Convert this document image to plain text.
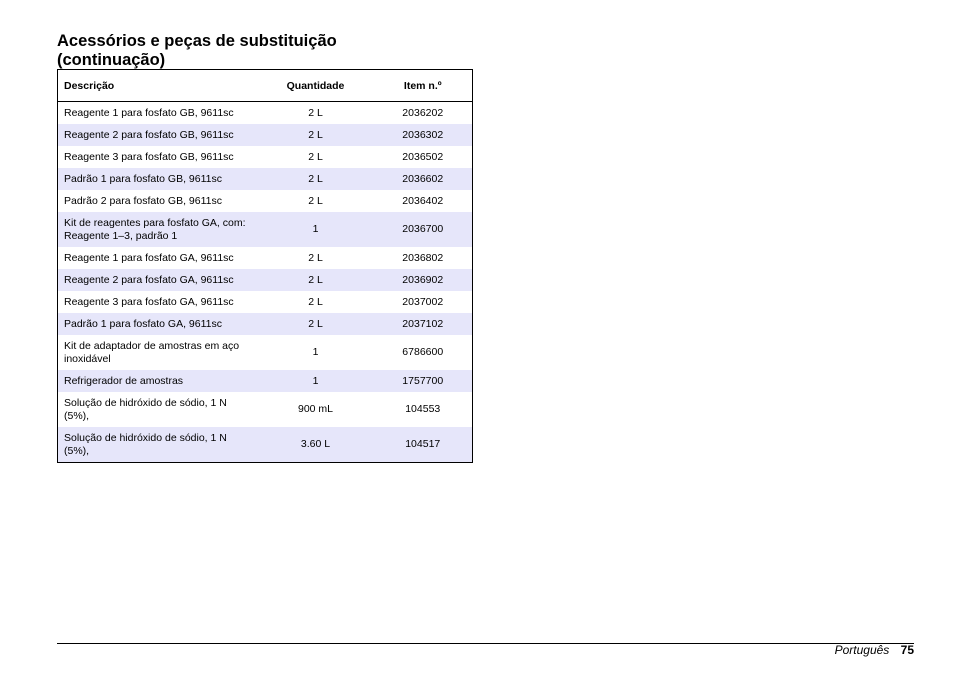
Acessórios e peças de substituição
(continuação)
Descrição	Quantidade	Item n.º
Reagente 1 para fosfato GB, 9611sc	2 L	2036202
Reagente 2 para fosfato GB, 9611sc	2 L	2036302
Reagente 3 para fosfato GB, 9611sc	2 L	2036502
Padrão 1 para fosfato GB, 9611sc	2 L	2036602
Padrão 2 para fosfato GB, 9611sc	2 L	2036402
Kit de reagentes para fosfato GA, com: Reagente 1–3, padrão 1	1	2036700
Reagente 1 para fosfato GA, 9611sc	2 L	2036802
Reagente 2 para fosfato GA, 9611sc	2 L	2036902
Reagente 3 para fosfato GA, 9611sc	2 L	2037002
Padrão 1 para fosfato GA, 9611sc	2 L	2037102
Kit de adaptador de amostras em aço inoxidável	1	6786600
Refrigerador de amostras	1	1757700
Solução de hidróxido de sódio, 1 N (5%),	900 mL	104553
Solução de hidróxido de sódio, 1 N (5%),	3.60 L	104517
Português 75
